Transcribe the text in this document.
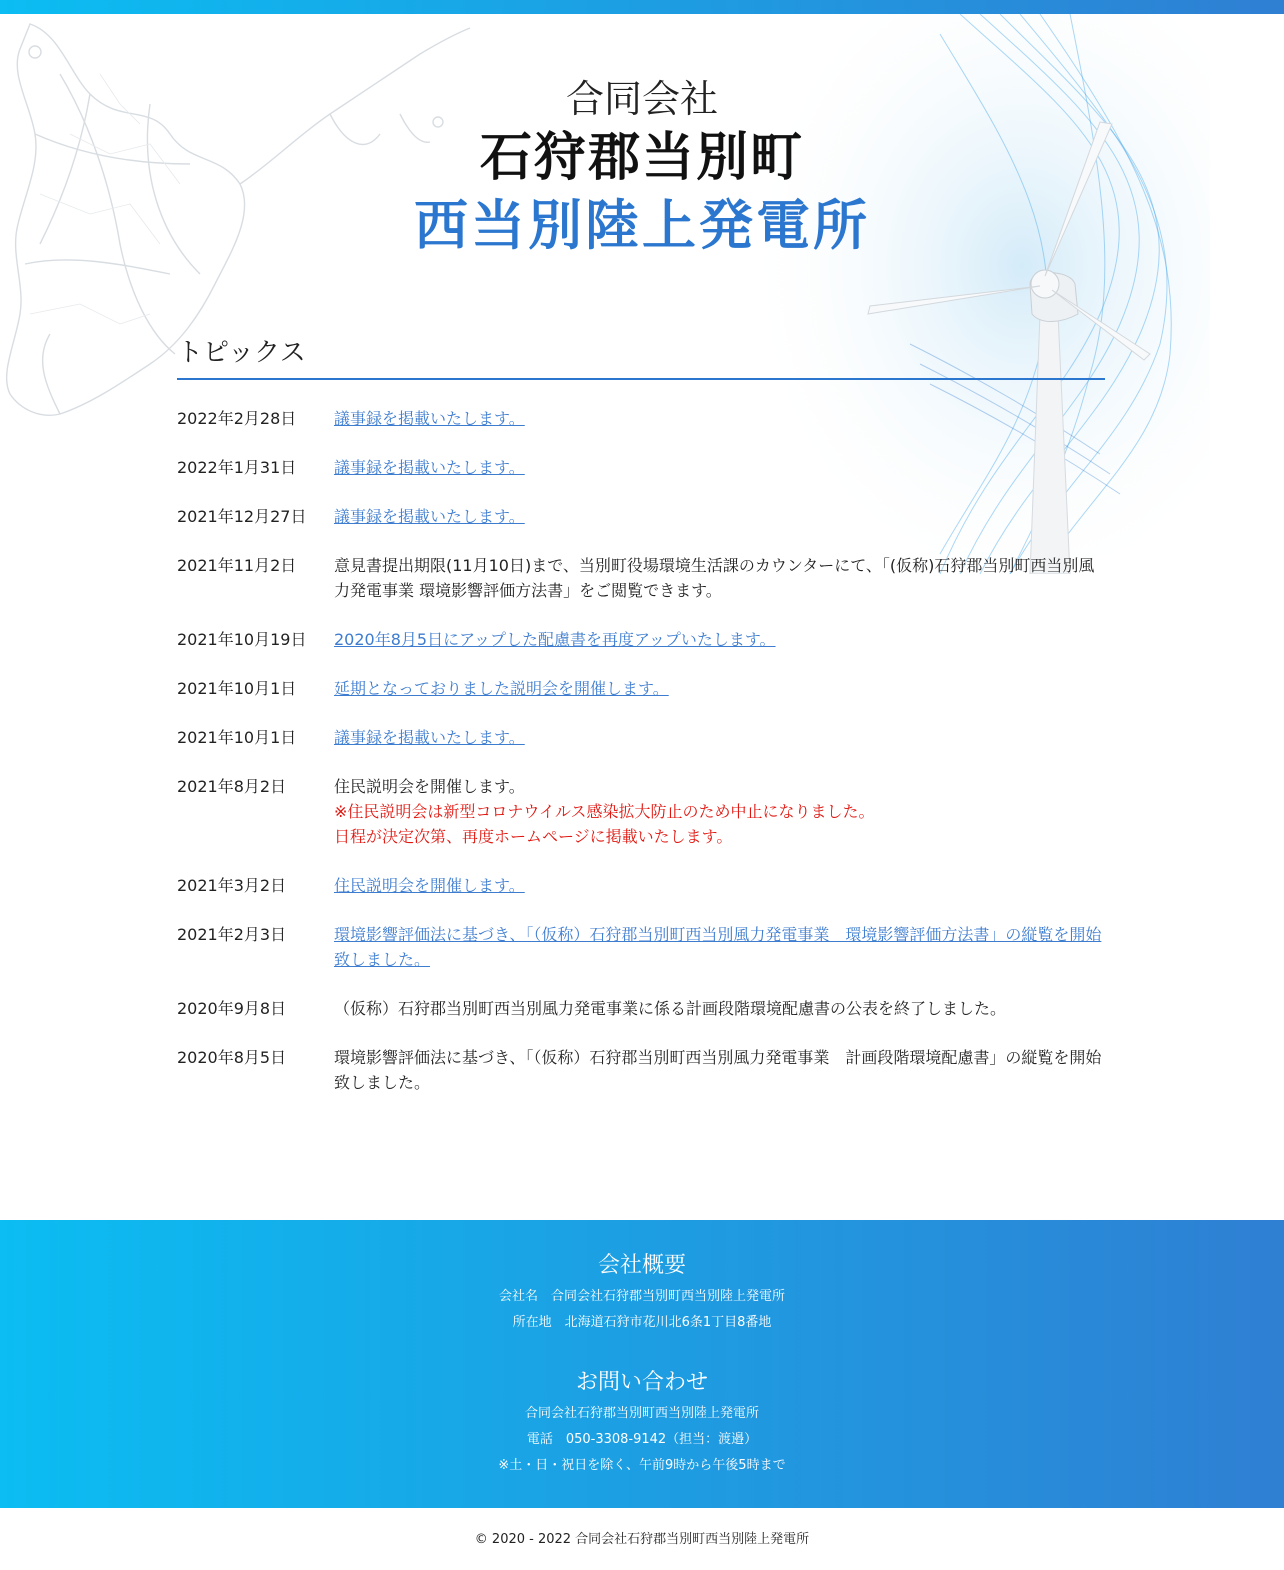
合同会社
石狩郡当別町
西当別陸上発電所
トピックス
2022年2月28日	議事録を掲載いたします。
2022年1月31日	議事録を掲載いたします。
2021年12月27日	議事録を掲載いたします。
2021年11月2日	意見書提出期限(11月10日)まで、当別町役場環境生活課のカウンターにて、「(仮称)石狩郡当別町西当別風力発電事業 環境影響評価方法書」をご閲覧できます。
2021年10月19日	2020年8月5日にアップした配慮書を再度アップいたします。
2021年10月1日	延期となっておりました説明会を開催します。
2021年10月1日	議事録を掲載いたします。
2021年8月2日	住民説明会を開催します。
※住民説明会は新型コロナウイルス感染拡大防止のため中止になりました。
日程が決定次第、再度ホームページに掲載いたします。
2021年3月2日	住民説明会を開催します。
2021年2月3日	環境影響評価法に基づき、「（仮称）石狩郡当別町西当別風力発電事業　環境影響評価方法書」の縦覧を開始致しました。
2020年9月8日	（仮称）石狩郡当別町西当別風力発電事業に係る計画段階環境配慮書の公表を終了しました。
2020年8月5日	環境影響評価法に基づき、「（仮称）石狩郡当別町西当別風力発電事業　計画段階環境配慮書」の縦覧を開始致しました。
会社概要
会社名　合同会社石狩郡当別町西当別陸上発電所
所在地　北海道石狩市花川北6条1丁目8番地
お問い合わせ
合同会社石狩郡当別町西当別陸上発電所
電話　050-3308-9142（担当：渡邉）
※土・日・祝日を除く、午前9時から午後5時まで
© 2020 - 2022 合同会社石狩郡当別町西当別陸上発電所
